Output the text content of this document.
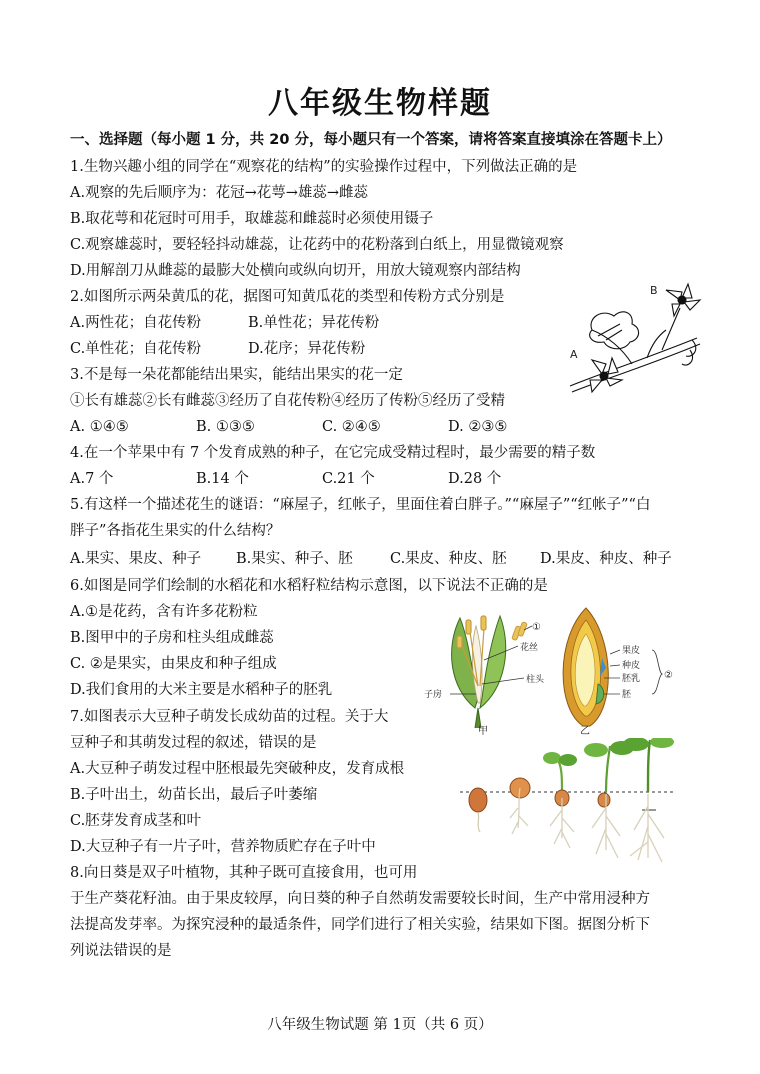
八年级生物样题
一、选择题（每小题 1 分，共 20 分，每小题只有一个答案，请将答案直接填涂在答题卡上）
1.生物兴趣小组的同学在“观察花的结构”的实验操作过程中，下列做法正确的是
A.观察的先后顺序为：花冠→花萼→雄蕊→雌蕊
B.取花萼和花冠时可用手，取雄蕊和雌蕊时必须使用镊子
C.观察雄蕊时，要轻轻抖动雄蕊，让花药中的花粉落到白纸上，用显微镜观察
D.用解剖刀从雌蕊的最膨大处横向或纵向切开，用放大镜观察内部结构
2.如图所示两朵黄瓜的花，据图可知黄瓜花的类型和传粉方式分别是
A.两性花；自花传粉	B.单性花；异花传粉
C.单性花；自花传粉	D.花序；异花传粉	A
B
3.不是每一朵花都能结出果实，能结出果实的花一定
①长有雄蕊②长有雌蕊③经历了自花传粉④经历了传粉⑤经历了受精
A. ①④⑤	B. ①③⑤	C. ②④⑤	D. ②③⑤
4.在一个苹果中有 7 个发育成熟的种子，在它完成受精过程时，最少需要的精子数
A.7 个	B.14 个	C.21 个	D.28 个
5.有这样一个描述花生的谜语：“麻屋子，红帐子，里面住着白胖子。”“麻屋子”“红帐子”“白
胖子”各指花生果实的什么结构？
A.果实、果皮、种子 B.果实、种子、胚	C.果皮、种皮、胚 D.果皮、种皮、种子
6.如图是同学们绘制的水稻花和水稻籽粒结构示意图，以下说法不正确的是
A.①是花药，含有许多花粉粒
B.图甲中的子房和柱头组成雌蕊
C. ②是果实，由果皮和种子组成
D.我们食用的大米主要是水稻种子的胚乳
①
花丝
柱头
子房
甲
果皮
种皮
胚乳
胚
②
乙
7.如图表示大豆种子萌发长成幼苗的过程。关于大
豆种子和其萌发过程的叙述，错误的是
A.大豆种子萌发过程中胚根最先突破种皮，发育成根
B.子叶出土，幼苗长出，最后子叶萎缩
C.胚芽发育成茎和叶
D.大豆种子有一片子叶，营养物质贮存在子叶中
8.向日葵是双子叶植物，其种子既可直接食用，也可用
于生产葵花籽油。由于果皮较厚，向日葵的种子自然萌发需要较长时间，生产中常用浸种方
法提高发芽率。为探究浸种的最适条件，同学们进行了相关实验，结果如下图。据图分析下
列说法错误的是
八年级生物试题 第 1页（共 6 页）
